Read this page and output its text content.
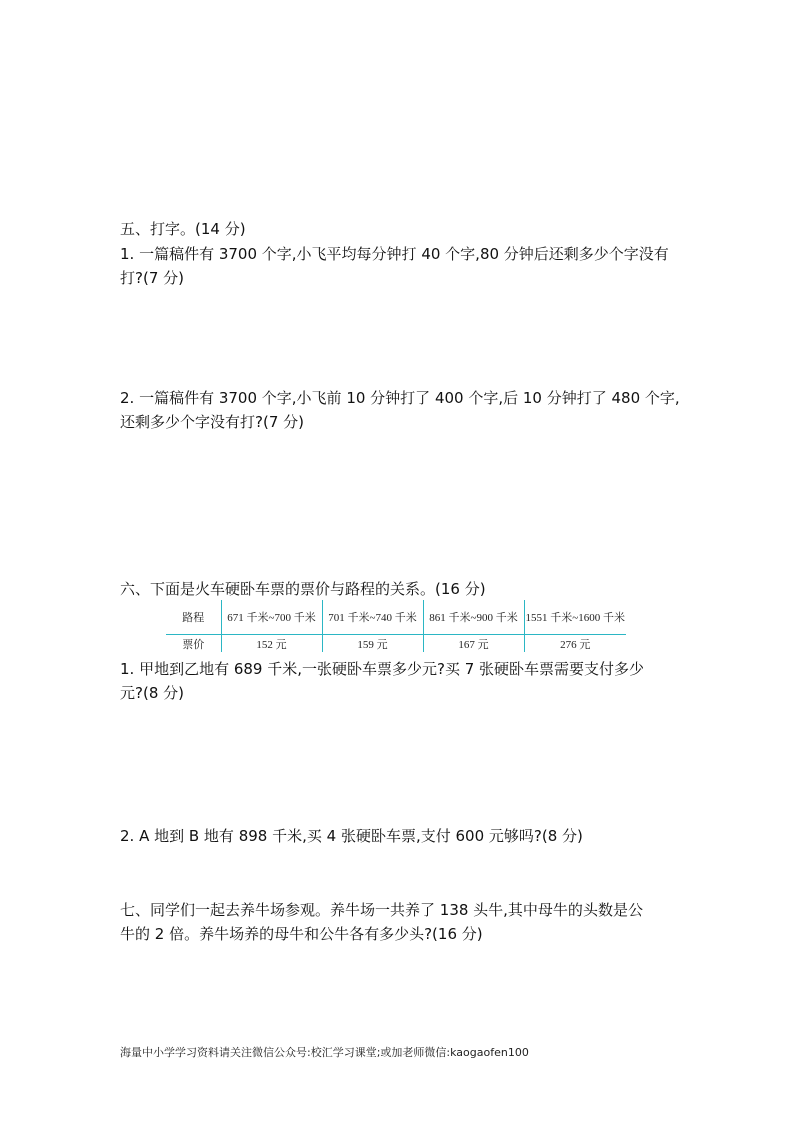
五、打字。(14 分)
1. 一篇稿件有 3700 个字,小飞平均每分钟打 40 个字,80 分钟后还剩多少个字没有
打?(7 分)
2. 一篇稿件有 3700 个字,小飞前 10 分钟打了 400 个字,后 10 分钟打了 480 个字,
还剩多少个字没有打?(7 分)
六、下面是火车硬卧车票的票价与路程的关系。(16 分)
路程	671 千米~700 千米	701 千米~740 千米	861 千米~900 千米	1551 千米~1600 千米
票价	152 元	159 元	167 元	276 元
1. 甲地到乙地有 689 千米,一张硬卧车票多少元?买 7 张硬卧车票需要支付多少
元?(8 分)
2. A 地到 B 地有 898 千米,买 4 张硬卧车票,支付 600 元够吗?(8 分)
七、同学们一起去养牛场参观。养牛场一共养了 138 头牛,其中母牛的头数是公
牛的 2 倍。养牛场养的母牛和公牛各有多少头?(16 分)
海量中小学学习资料请关注微信公众号:校汇学习课堂;或加老师微信:kaogaofen100
